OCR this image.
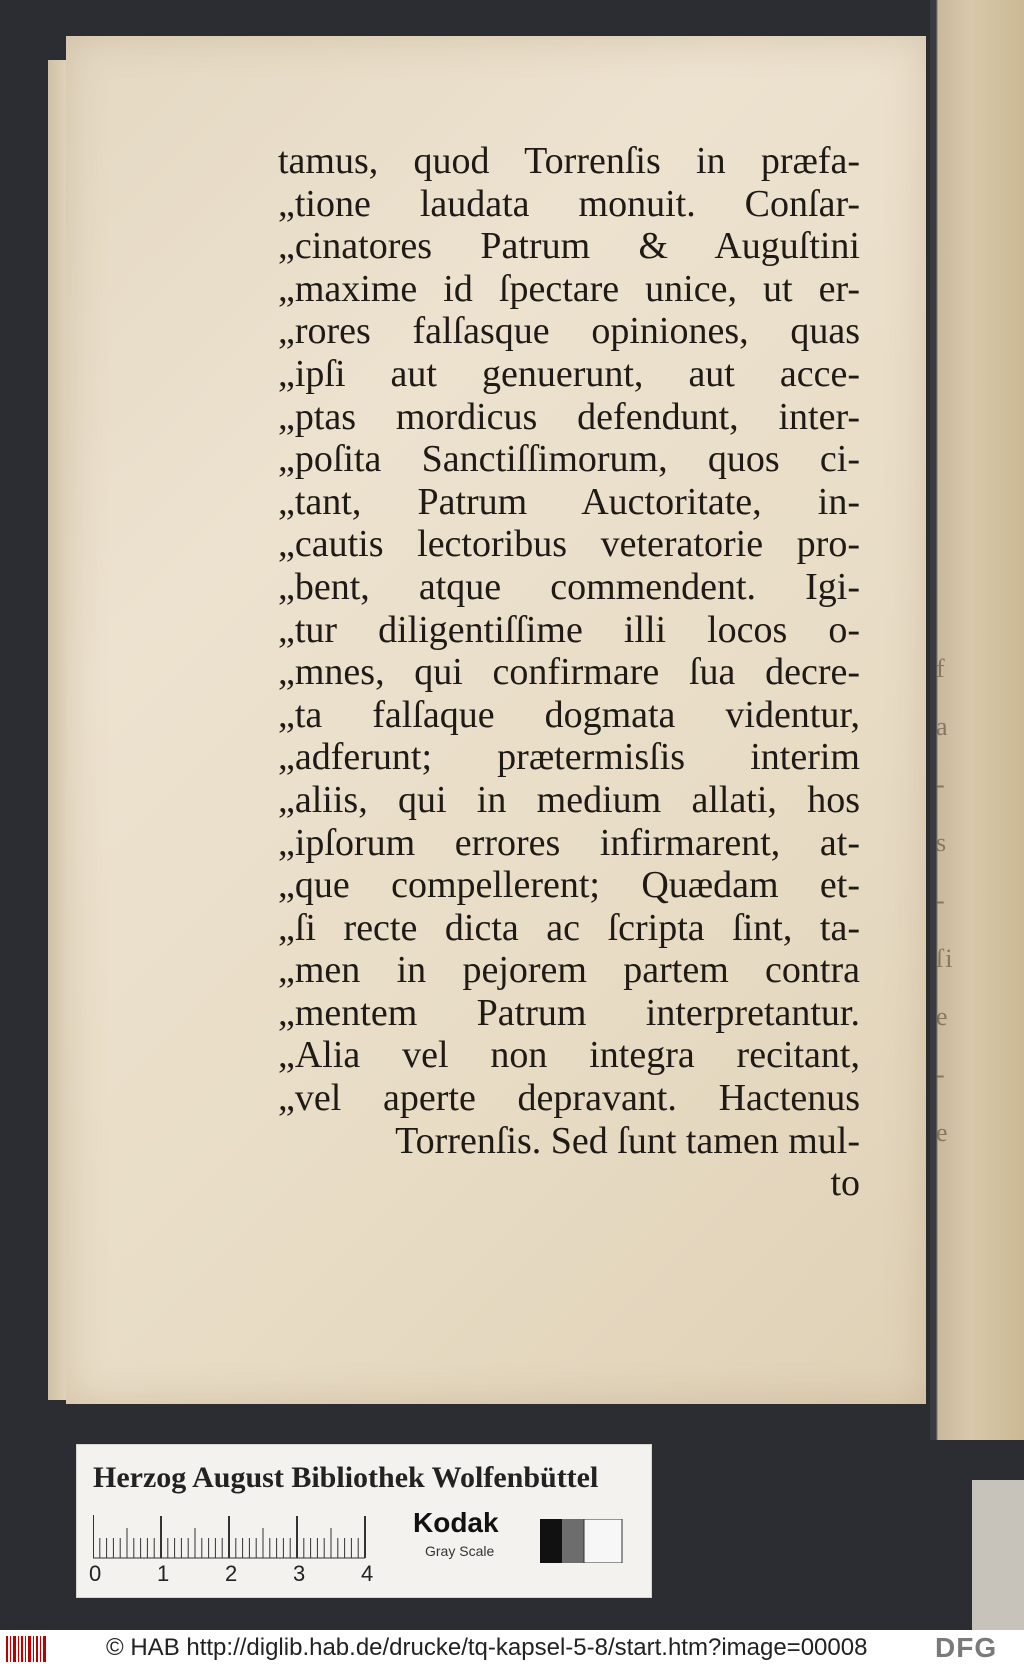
f
a
-
s
-
ſi
e
-
e
tamus, quod Torrenſis in præfa-
„tione laudata monuit. Conſar-
„cinatores Patrum & Auguſtini
„maxime id ſpectare unice, ut er-
„rores falſasque opiniones, quas
„ipſi aut genuerunt, aut acce-
„ptas mordicus defendunt, inter-
„poſita Sanctiſſimorum, quos ci-
„tant, Patrum Auctoritate, in-
„cautis lectoribus veteratorie pro-
„bent, atque commendent. Igi-
„tur diligentiſſime illi locos o-
„mnes, qui confirmare ſua decre-
„ta falſaque dogmata videntur,
„adferunt; prætermisſis interim
„aliis, qui in medium allati, hos
„ipſorum errores infirmarent, at-
„que compellerent; Quædam et-
„ſi recte dicta ac ſcripta ſint, ta-
„men in pejorem partem contra
„mentem Patrum interpretantur.
„Alia vel non integra recitant,
„vel aperte depravant. Hactenus
Torrenſis. Sed ſunt tamen mul-
to
Herzog August Bibliothek Wolfenbüttel
0	1	2	3	4
Kodak
Gray Scale
© HAB http://diglib.hab.de/drucke/tq-kapsel-5-8/start.htm?image=00008 DFG
